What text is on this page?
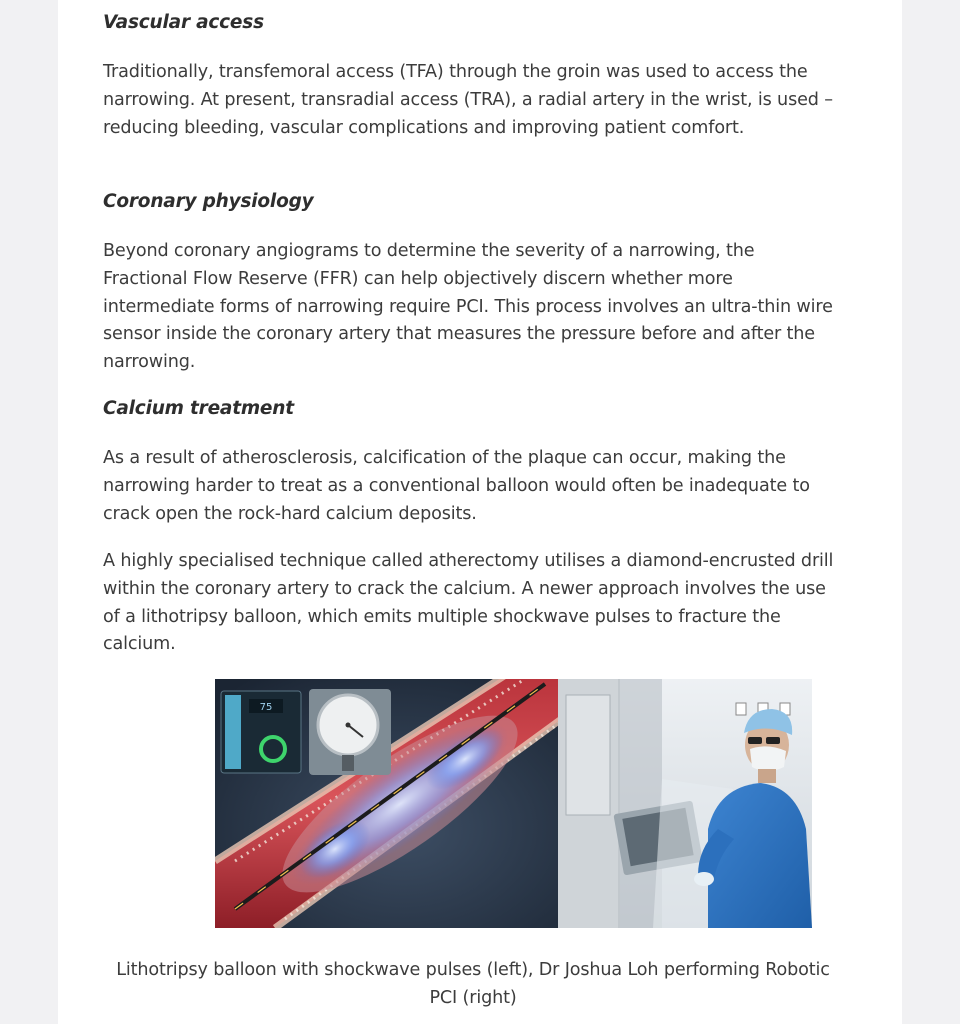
Vascular access

Traditionally, transfemoral access (TFA) through the groin was used to access the narrowing. At present, transradial access (TRA), a radial artery in the wrist, is used – reducing bleeding, vascular complications and improving patient comfort.

Coronary physiology

Beyond coronary angiograms to determine the severity of a narrowing, the Fractional Flow Reserve (FFR) can help objectively discern whether more intermediate forms of narrowing require PCI. This process involves an ultra-thin wire sensor inside the coronary artery that measures the pressure before and after the narrowing.

Calcium treatment

As a result of atherosclerosis, calcification of the plaque can occur, making the narrowing harder to treat as a conventional balloon would often be inadequate to crack open the rock-hard calcium deposits.

A highly specialised technique called atherectomy utilises a diamond-encrusted drill within the coronary artery to crack the calcium. A newer approach involves the use of a lithotripsy balloon, which emits multiple shockwave pulses to fracture the calcium.

75

Lithotripsy balloon with shockwave pulses (left), Dr Joshua Loh performing Robotic PCI (right)
